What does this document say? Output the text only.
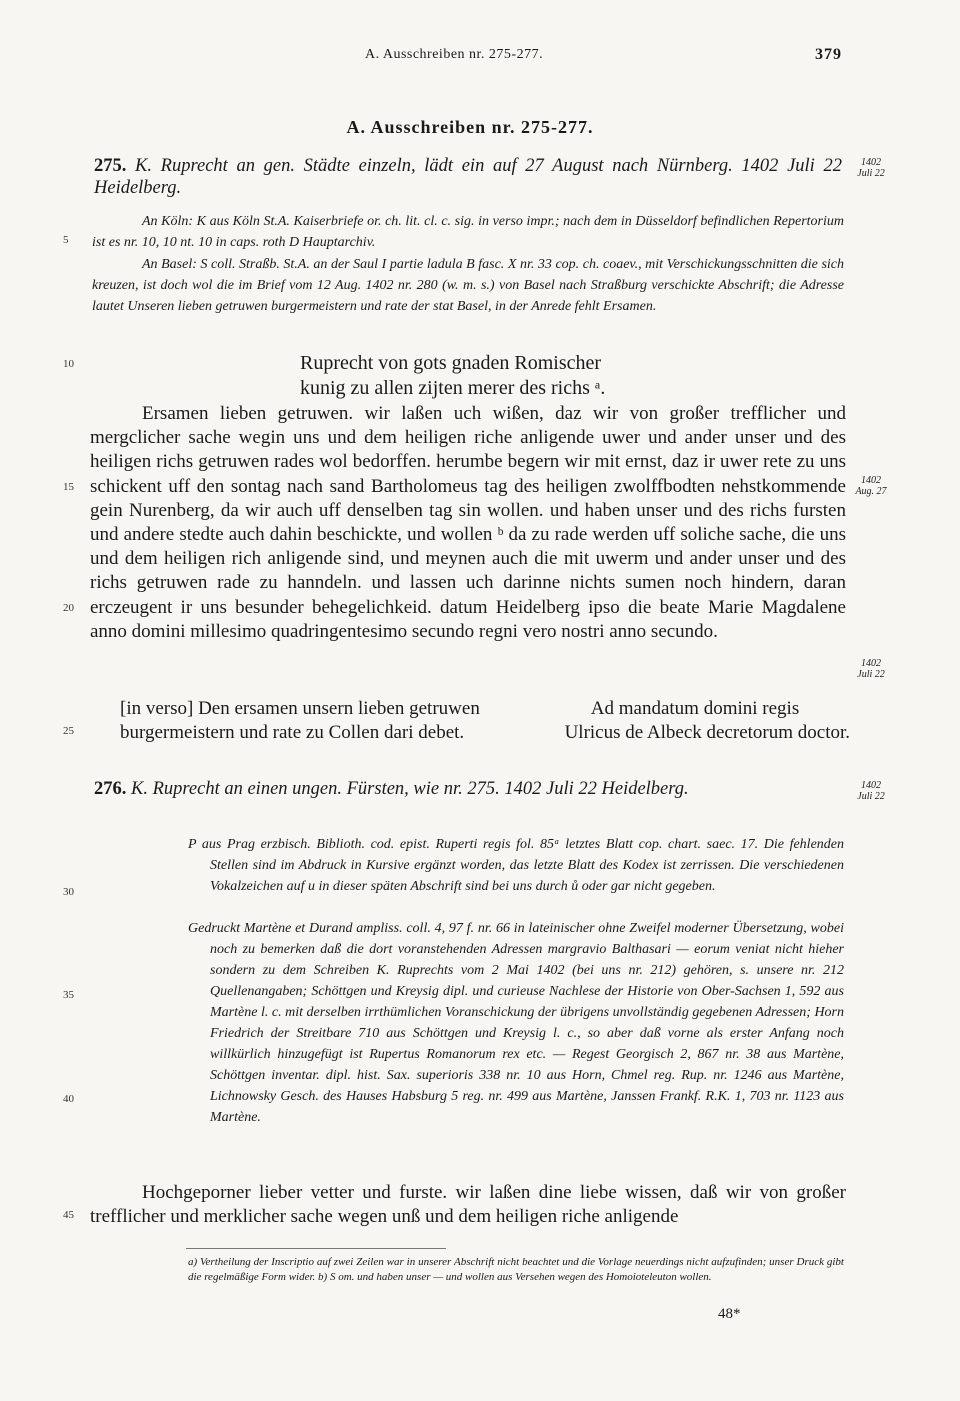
A. Ausschreiben nr. 275-277.	379
A. Ausschreiben nr. 275-277.
275. K. Ruprecht an gen. Städte einzeln, lädt ein auf 27 August nach Nürnberg. 1402 Juli 22 Heidelberg.
1402
Juli 22
An Köln: K aus Köln St.A. Kaiserbriefe or. ch. lit. cl. c. sig. in verso impr.; nach dem in Düsseldorf befindlichen Repertorium ist es nr. 10, 10 nt. 10 in caps. roth D Hauptarchiv.
An Basel: S coll. Straßb. St.A. an der Saul I partie ladula B fasc. X nr. 33 cop. ch. coaev., mit Verschickungsschnitten die sich kreuzen, ist doch wol die im Brief vom 12 Aug. 1402 nr. 280 (w. m. s.) von Basel nach Straßburg verschickte Abschrift; die Adresse lautet Unseren lieben getruwen burgermeistern und rate der stat Basel, in der Anrede fehlt Ersamen.
Ruprecht von gots gnaden Romischer
kunig zu allen zijten merer des richs ᵃ.
Ersamen lieben getruwen. wir laßen uch wißen, daz wir von großer trefflicher und mergclicher sache wegin uns und dem heiligen riche anligende uwer und ander unser und des heiligen richs getruwen rades wol bedorffen. herumbe begern wir mit ernst, daz ir uwer rete zu uns schickent uff den sontag nach sand Bartholomeus tag des heiligen zwolffbodten nehstkommende gein Nurenberg, da wir auch uff denselben tag sin wollen. und haben unser und des richs fursten und andere stedte auch dahin beschickte, und wollen ᵇ da zu rade werden uff soliche sache, die uns und dem heiligen rich anligende sind, und meynen auch die mit uwerm und ander unser und des richs getruwen rade zu hanndeln. und lassen uch darinne nichts sumen noch hindern, daran erczeugent ir uns besunder behegelichkeid. datum Heidelberg ipso die beate Marie Magdalene anno domini millesimo quadringentesimo secundo regni vero nostri anno secundo.
1402
Aug. 27
1402
Juli 22
[in verso] Den ersamen unsern lieben getruwen
burgermeistern und rate zu Collen dari debet.
Ad mandatum domini regis
Ulricus de Albeck decretorum doctor.
276. K. Ruprecht an einen ungen. Fürsten, wie nr. 275. 1402 Juli 22 Heidelberg.	1402
Juli 22
P aus Prag erzbisch. Biblioth. cod. epist. Ruperti regis fol. 85ᵃ letztes Blatt cop. chart. saec. 17. Die fehlenden Stellen sind im Abdruck in Kursive ergänzt worden, das letzte Blatt des Kodex ist zerrissen. Die verschiedenen Vokalzeichen auf u in dieser späten Abschrift sind bei uns durch ů oder gar nicht gegeben.
Gedruckt Martène et Durand ampliss. coll. 4, 97 f. nr. 66 in lateinischer ohne Zweifel moderner Übersetzung, wobei noch zu bemerken daß die dort voranstehenden Adressen margravio Balthasari — eorum veniat nicht hieher sondern zu dem Schreiben K. Ruprechts vom 2 Mai 1402 (bei uns nr. 212) gehören, s. unsere nr. 212 Quellenangaben; Schöttgen und Kreysig dipl. und curieuse Nachlese der Historie von Ober-Sachsen 1, 592 aus Martène l. c. mit derselben irrthümlichen Voranschickung der übrigens unvollständig gegebenen Adressen; Horn Friedrich der Streitbare 710 aus Schöttgen und Kreysig l. c., so aber daß vorne als erster Anfang noch willkürlich hinzugefügt ist Rupertus Romanorum rex etc. — Regest Georgisch 2, 867 nr. 38 aus Martène, Schöttgen inventar. dipl. hist. Sax. superioris 338 nr. 10 aus Horn, Chmel reg. Rup. nr. 1246 aus Martène, Lichnowsky Gesch. des Hauses Habsburg 5 reg. nr. 499 aus Martène, Janssen Frankf. R.K. 1, 703 nr. 1123 aus Martène.
Hochgeporner lieber vetter und furste. wir laßen dine liebe wissen, daß wir von großer trefflicher und merklicher sache wegen unß und dem heiligen riche anligende
a) Vertheilung der Inscriptio auf zwei Zeilen war in unserer Abschrift nicht beachtet und die Vorlage neuerdings nicht aufzufinden; unser Druck gibt die regelmäßige Form wider. b) S om. und haben unser — und wollen aus Versehen wegen des Homoioteleuton wollen.
48*
5
10
15
20
25
30
35
40
45
